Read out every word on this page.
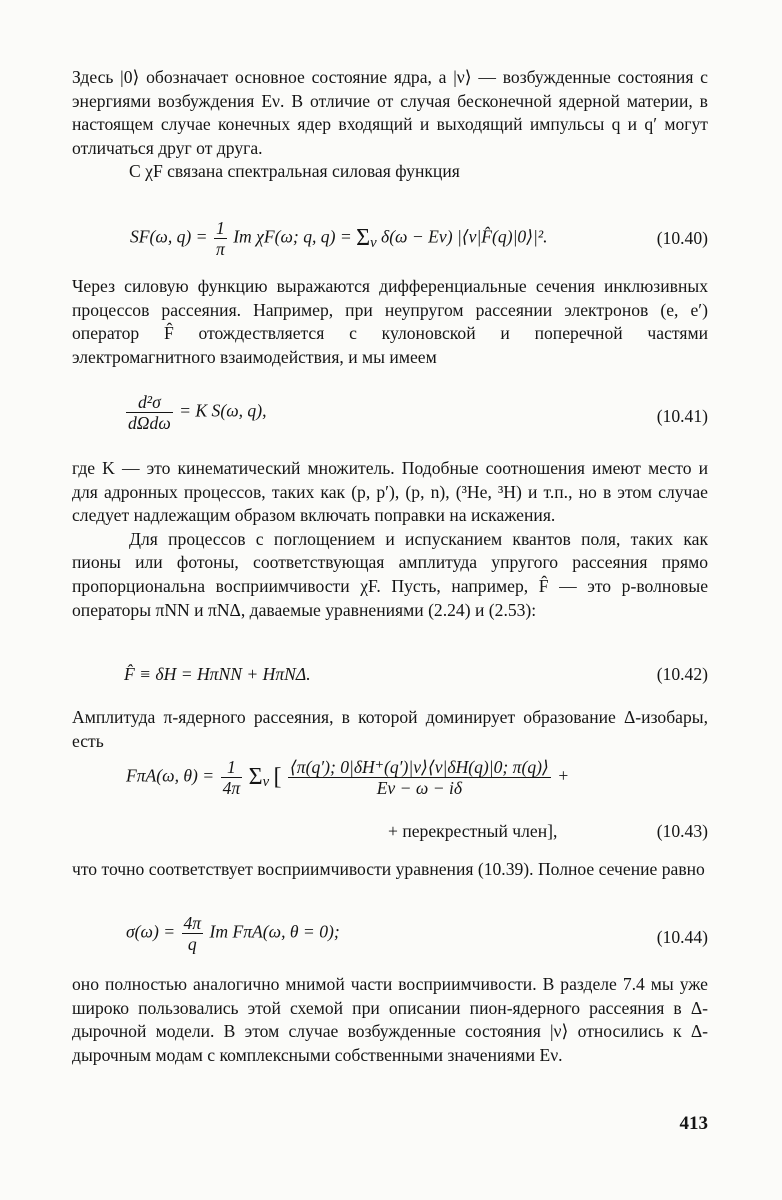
Здесь |0⟩ обозначает основное состояние ядра, а |ν⟩ — возбужденные состояния с энергиями возбуждения Eν. В отличие от случая бесконечной ядерной материи, в настоящем случае конечных ядер входящий и выходящий импульсы q и q′ могут отличаться друг от друга.

С χF связана спектральная силовая функция

SF(ω, $q) = \frac{1}{\pi}$ Im χF(ω; q, $q) = \Sigma_\nu$ δ(ω − Eν) |⟨ν|F̂(q)|0⟩|².	(10.40)

Через силовую функцию выражаются дифференциальные сечения инклюзивных процессов рассеяния. Например, при неупругом рассеянии электронов (e, e′) оператор F̂ отождествляется с кулоновской и поперечной частями электромагнитного взаимодействия, и мы имеем

$\frac{\text{d²σ}}{\text{dΩdω}} = K$ S(ω, q),	(10.41)

где K — это кинематический множитель. Подобные соотношения имеют место и для адронных процессов, таких как (p, p′), (p, n), (³He, ³H) и т.п., но в этом случае следует надлежащим образом включать поправки на искажения.

Для процессов с поглощением и испусканием квантов поля, таких как пионы или фотоны, соответствующая амплитуда упругого рассеяния прямо пропорциональна восприимчивости χF. Пусть, например, F̂ — это p-волновые операторы πNN и πNΔ, даваемые уравнениями (2.24) и (2.53):

F̂ ≡ δH = HπNN + HπNΔ.	(10.42)

Амплитуда π-ядерного рассеяния, в которой доминирует образование Δ-изобары, есть

FπA(ω, $\theta) = \frac{1}{4\pi} \Sigma_\nu$ [ $\frac{⟨\pi(q'); 0|\delta H^+(q')|\nu⟩⟨\nu|\delta H(q)|0; \pi(q)⟩}{E\nu - \omega - i\delta}$ +
+ перекрестный член],	(10.43)

что точно соответствует восприимчивости уравнения (10.39). Полное сечение равно

$\sigma(\omega) = \frac{4\pi}{q}$ Im FπA(ω, θ = 0);	(10.44)

оно полностью аналогично мнимой части восприимчивости. В разделе 7.4 мы уже широко пользовались этой схемой при описании пион-ядерного рассеяния в Δ-дырочной модели. В этом случае возбужденные состояния |ν⟩ относились к Δ-дырочным модам с комплексными собственными значениями Eν.

413
